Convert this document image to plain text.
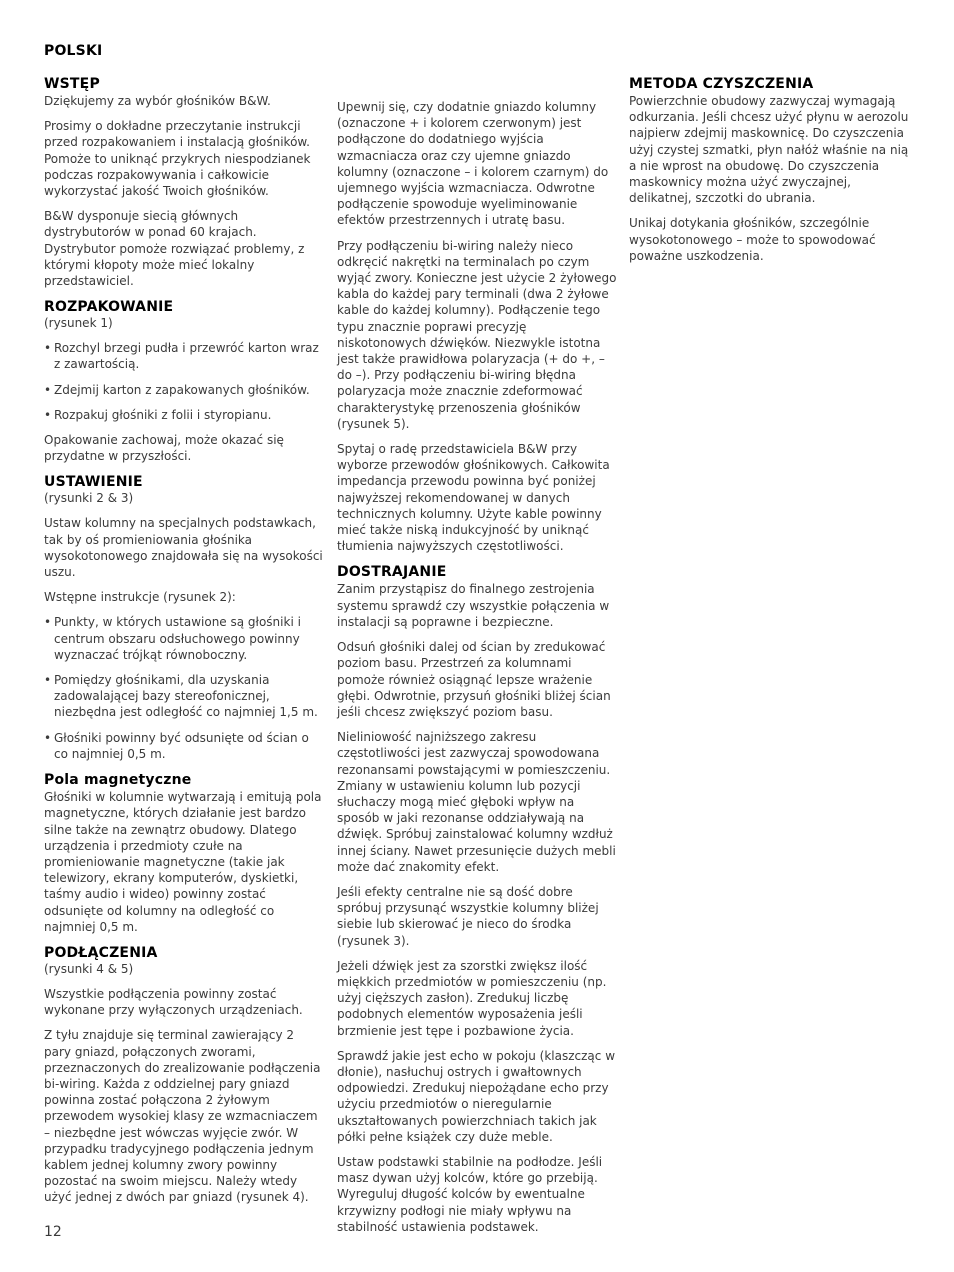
POLSKI
WSTĘP

Dziękujemy za wybór głośników B&W.

Prosimy o dokładne przeczytanie instrukcji przed rozpakowaniem i instalacją głośników. Pomoże to uniknąć przykrych niespodzianek podczas rozpakowywania i całkowicie wykorzystać jakość Twoich głośników.

B&W dysponuje siecią głównych dystrybutorów w ponad 60 krajach. Dystrybutor pomoże rozwiązać problemy, z którymi kłopoty może mieć lokalny przedstawiciel.

ROZPAKOWANIE
(rysunek 1)

• Rozchyl brzegi pudła i przewróć karton wraz z zawartością.

• Zdejmij karton z zapakowanych głośników.

• Rozpakuj głośniki z folii i styropianu.

Opakowanie zachowaj, może okazać się przydatne w przyszłości.

USTAWIENIE
(rysunki 2 & 3)

Ustaw kolumny na specjalnych podstawkach, tak by oś promieniowania głośnika wysokotonowego znajdowała się na wysokości uszu.

Wstępne instrukcje (rysunek 2):

• Punkty, w których ustawione są głośniki i centrum obszaru odsłuchowego powinny wyznaczać trójkąt równoboczny.

• Pomiędzy głośnikami, dla uzyskania zadowalającej bazy stereofonicznej, niezbędna jest odległość co najmniej 1,5 m.

• Głośniki powinny być odsunięte od ścian o co najmniej 0,5 m.

Pola magnetyczne

Głośniki w kolumnie wytwarzają i emitują pola magnetyczne, których działanie jest bardzo silne także na zewnątrz obudowy. Dlatego urządzenia i przedmioty czułe na promieniowanie magnetyczne (takie jak telewizory, ekrany komputerów, dyskietki, taśmy audio i wideo) powinny zostać odsunięte od kolumny na odległość co najmniej 0,5 m.

PODŁĄCZENIA
(rysunki 4 & 5)

Wszystkie podłączenia powinny zostać wykonane przy wyłączonych urządzeniach.

Z tyłu znajduje się terminal zawierający 2 pary gniazd, połączonych zworami, przeznaczonych do zrealizowanie podłączenia bi-wiring. Każda z oddzielnej pary gniazd powinna zostać połączona 2 żyłowym przewodem wysokiej klasy ze wzmacniaczem – niezbędne jest wówczas wyjęcie zwór. W przypadku tradycyjnego podłączenia jednym kablem jednej kolumny zwory powinny pozostać na swoim miejscu. Należy wtedy użyć jednej z dwóch par gniazd (rysunek 4).

Upewnij się, czy dodatnie gniazdo kolumny (oznaczone + i kolorem czerwonym) jest podłączone do dodatniego wyjścia wzmacniacza oraz czy ujemne gniazdo kolumny (oznaczone – i kolorem czarnym) do ujemnego wyjścia wzmacniacza. Odwrotne podłączenie spowoduje wyeliminowanie efektów przestrzennych i utratę basu.

Przy podłączeniu bi-wiring należy nieco odkręcić nakrętki na terminalach po czym wyjąć zwory. Konieczne jest użycie 2 żyłowego kabla do każdej pary terminali (dwa 2 żyłowe kable do każdej kolumny). Podłączenie tego typu znacznie poprawi precyzję niskotonowych dźwięków. Niezwykle istotna jest także prawidłowa polaryzacja (+ do +, – do –). Przy podłączeniu bi-wiring błędna polaryzacja może znacznie zdeformować charakterystykę przenoszenia głośników (rysunek 5).

Spytaj o radę przedstawiciela B&W przy wyborze przewodów głośnikowych. Całkowita impedancja przewodu powinna być poniżej najwyższej rekomendowanej w danych technicznych kolumny. Użyte kable powinny mieć także niską indukcyjność by uniknąć tłumienia najwyższych częstotliwości.

DOSTRAJANIE

Zanim przystąpisz do finalnego zestrojenia systemu sprawdź czy wszystkie połączenia w instalacji są poprawne i bezpieczne.

Odsuń głośniki dalej od ścian by zredukować poziom basu. Przestrzeń za kolumnami pomoże również osiągnąć lepsze wrażenie głębi. Odwrotnie, przysuń głośniki bliżej ścian jeśli chcesz zwiększyć poziom basu.

Nieliniowość najniższego zakresu częstotliwości jest zazwyczaj spowodowana rezonansami powstającymi w pomieszczeniu. Zmiany w ustawieniu kolumn lub pozycji słuchaczy mogą mieć głęboki wpływ na sposób w jaki rezonanse oddziaływają na dźwięk. Spróbuj zainstalować kolumny wzdłuż innej ściany. Nawet przesunięcie dużych mebli może dać znakomity efekt.

Jeśli efekty centralne nie są dość dobre spróbuj przysunąć wszystkie kolumny bliżej siebie lub skierować je nieco do środka (rysunek 3).

Jeżeli dźwięk jest za szorstki zwiększ ilość miękkich przedmiotów w pomieszczeniu (np. użyj cięższych zasłon). Zredukuj liczbę podobnych elementów wyposażenia jeśli brzmienie jest tępe i pozbawione życia.

Sprawdź jakie jest echo w pokoju (klaszcząc w dłonie), nasłuchuj ostrych i gwałtownych odpowiedzi. Zredukuj niepożądane echo przy użyciu przedmiotów o nieregularnie ukształtowanych powierzchniach takich jak półki pełne książek czy duże meble.

Ustaw podstawki stabilnie na podłodze. Jeśli masz dywan użyj kolców, które go przebiją. Wyreguluj długość kolców by ewentualne krzywizny podłogi nie miały wpływu na stabilność ustawienia podstawek.

METODA CZYSZCZENIA

Powierzchnie obudowy zazwyczaj wymagają odkurzania. Jeśli chcesz użyć płynu w aerozolu najpierw zdejmij maskownicę. Do czyszczenia użyj czystej szmatki, płyn nałóż właśnie na nią a nie wprost na obudowę. Do czyszczenia maskownicy można użyć zwyczajnej, delikatnej, szczotki do ubrania.

Unikaj dotykania głośników, szczególnie wysokotonowego – może to spowodować poważne uszkodzenia.

12
